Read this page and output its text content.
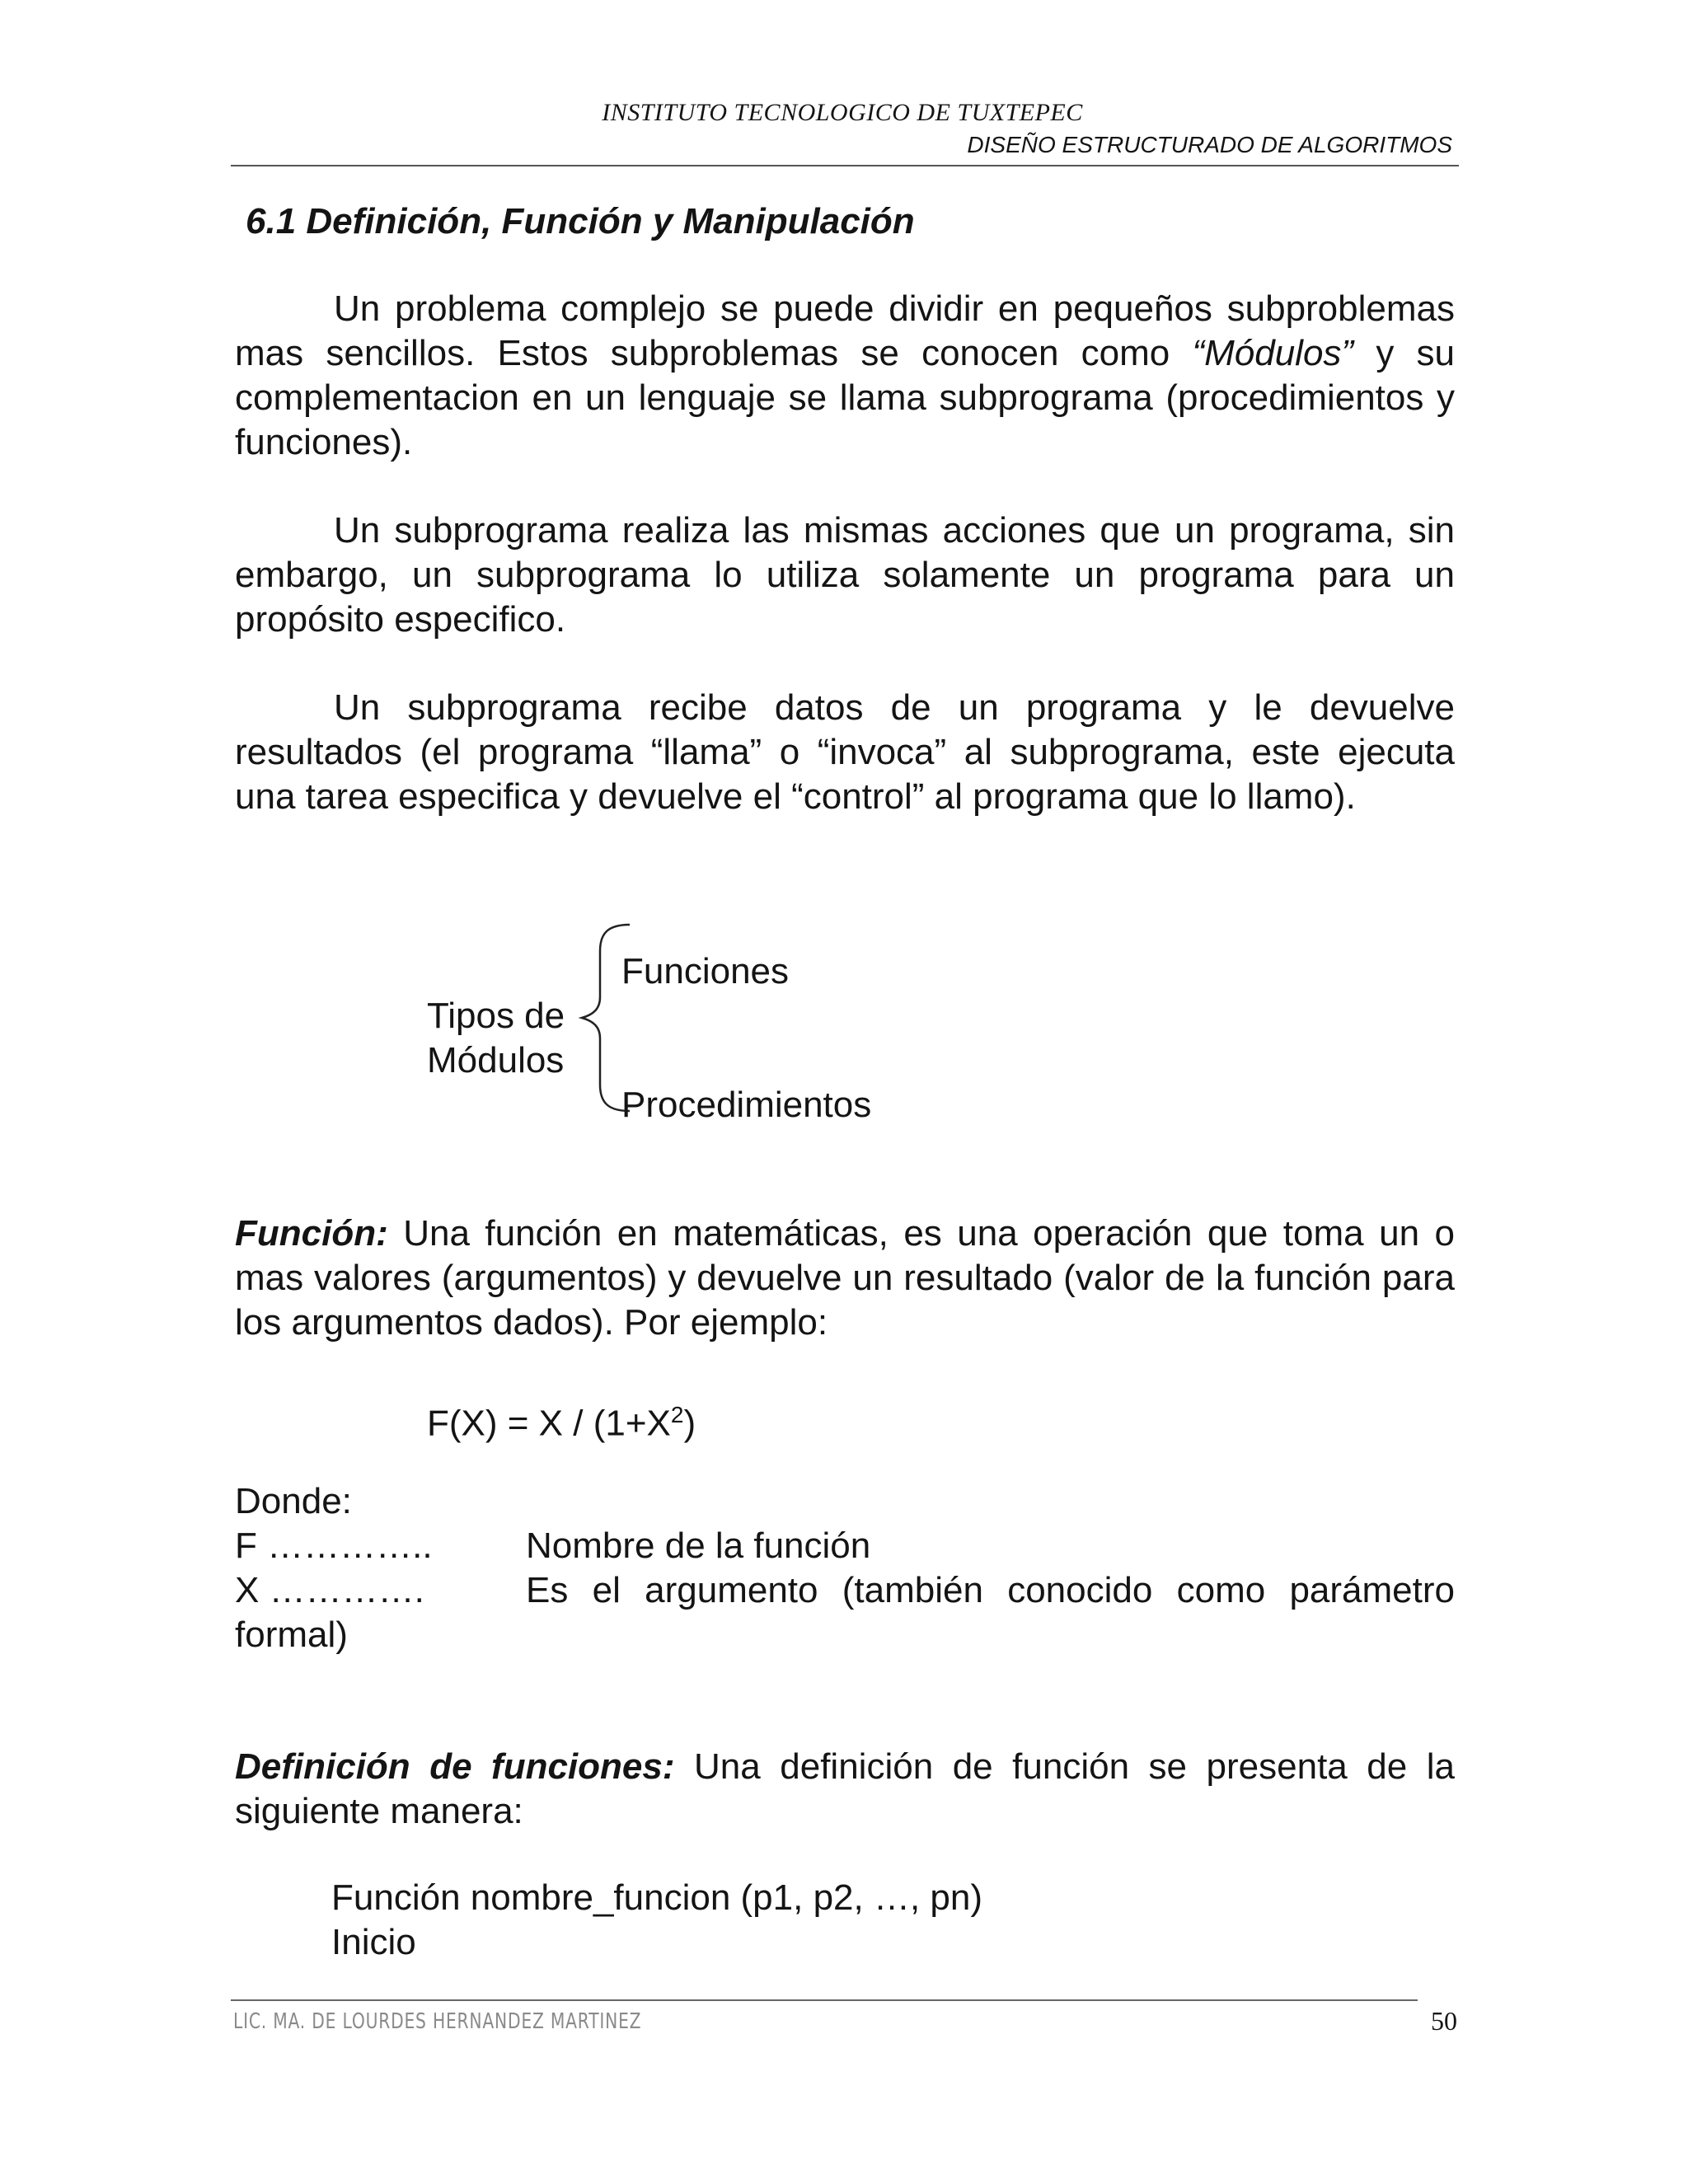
INSTITUTO TECNOLOGICO DE TUXTEPEC
DISEÑO ESTRUCTURADO DE ALGORITMOS
6.1 Definición, Función y Manipulación
Un problema complejo se puede dividir en pequeños subproblemas mas sencillos. Estos subproblemas se conocen como “Módulos” y su complementacion en un lenguaje se llama subprograma (procedimientos y funciones).
Un subprograma realiza las mismas acciones que un programa, sin embargo, un subprograma lo utiliza solamente un programa para un propósito especifico.
Un subprograma recibe datos de un programa y le devuelve resultados (el programa “llama” o “invoca” al subprograma, este ejecuta una tarea especifica y devuelve el “control” al programa que lo llamo).
Tipos de
Módulos
Funciones
Procedimientos
Función: Una función en matemáticas, es una operación que toma un o mas valores (argumentos) y devuelve un resultado (valor de la función para los argumentos dados). Por ejemplo:
$F(X) = X / (1+X^2)$
Donde:
F …………..	Nombre de la función
X ………….	Es el argumento (también conocido como parámetro
formal)
Definición de funciones: Una definición de función se presenta de la siguiente manera:
Función nombre_funcion (p1, p2, …, pn)
Inicio
LIC. MA. DE LOURDES HERNANDEZ MARTINEZ	50
